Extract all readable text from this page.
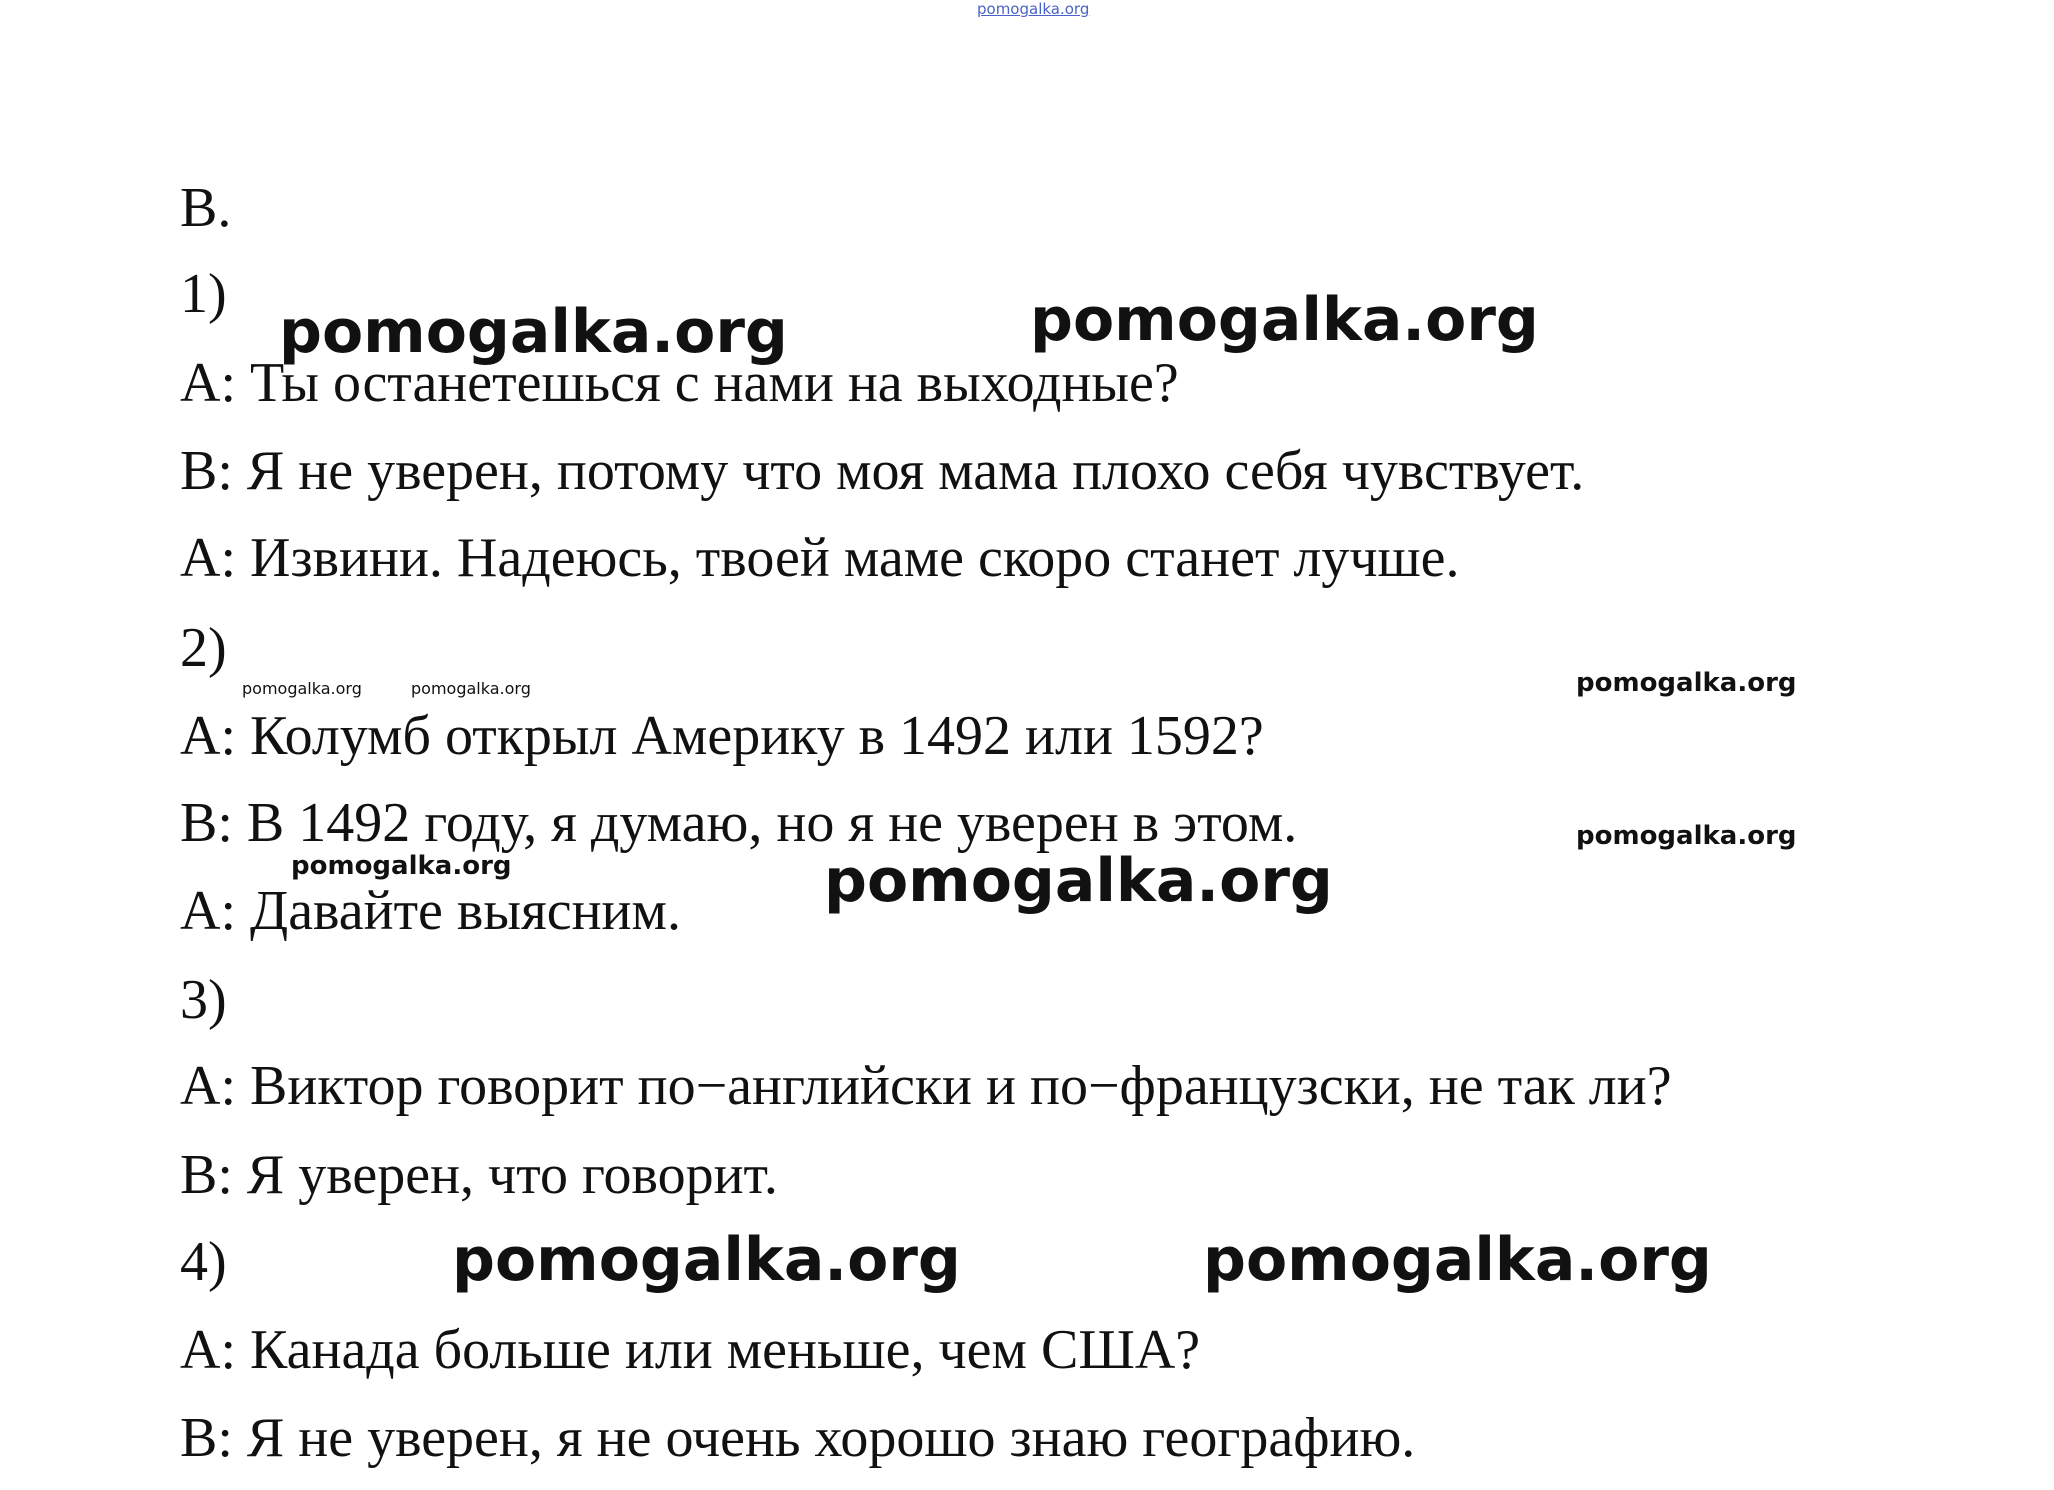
pomogalka.org
B.
1)
A: Ты останетешься с нами на выходные?
B: Я не уверен, потому что моя мама плохо себя чувствует.
A: Извини. Надеюсь, твоей маме скоро станет лучше.
2)
A: Колумб открыл Америку в 1492 или 1592?
B: В 1492 году, я думаю, но я не уверен в этом.
A: Давайте выясним.
3)
A: Виктор говорит по−английски и по−французски, не так ли?
B: Я уверен, что говорит.
4)
A: Канада больше или меньше, чем США?
B: Я не уверен, я не очень хорошо знаю географию.
pomogalka.org	pomogalka.org
pomogalka.org	pomogalka.org	pomogalka.org
pomogalka.org
pomogalka.org	pomogalka.org
pomogalka.org	pomogalka.org
